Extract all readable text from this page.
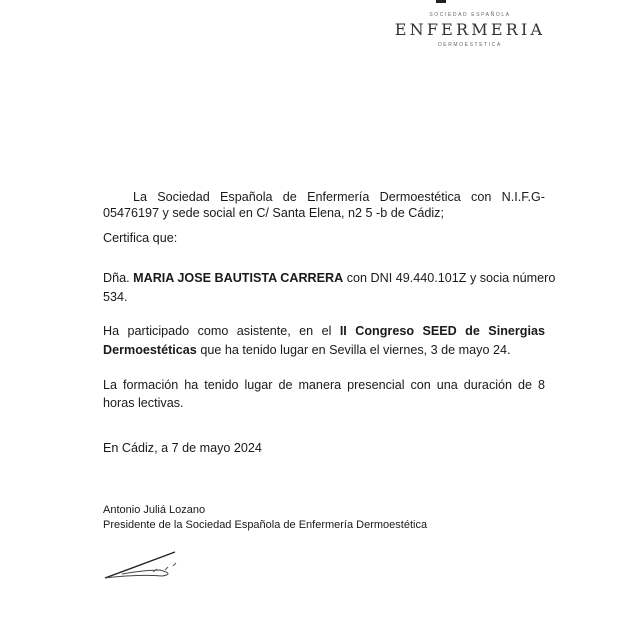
SOCIEDAD ESPAÑOLA
ENFERMERIA
DERMOESTETICA
La Sociedad Española de Enfermería Dermoestética con N.I.F.G-
05476197 y sede social en C/ Santa Elena, n2 5 -b de Cádiz;
Certifica que:
Dña. MARIA JOSE BAUTISTA CARRERA con DNI 49.440.101Z y socia número
534.
Ha participado como asistente, en el II Congreso SEED de Sinergias
Dermoestéticas que ha tenido lugar en Sevilla el viernes, 3 de mayo 24.
La formación ha tenido lugar de manera presencial con una duración de 8
horas lectivas.
En Cádiz, a 7 de mayo 2024
Antonio Juliá Lozano
Presidente de la Sociedad Española de Enfermería Dermoestética
